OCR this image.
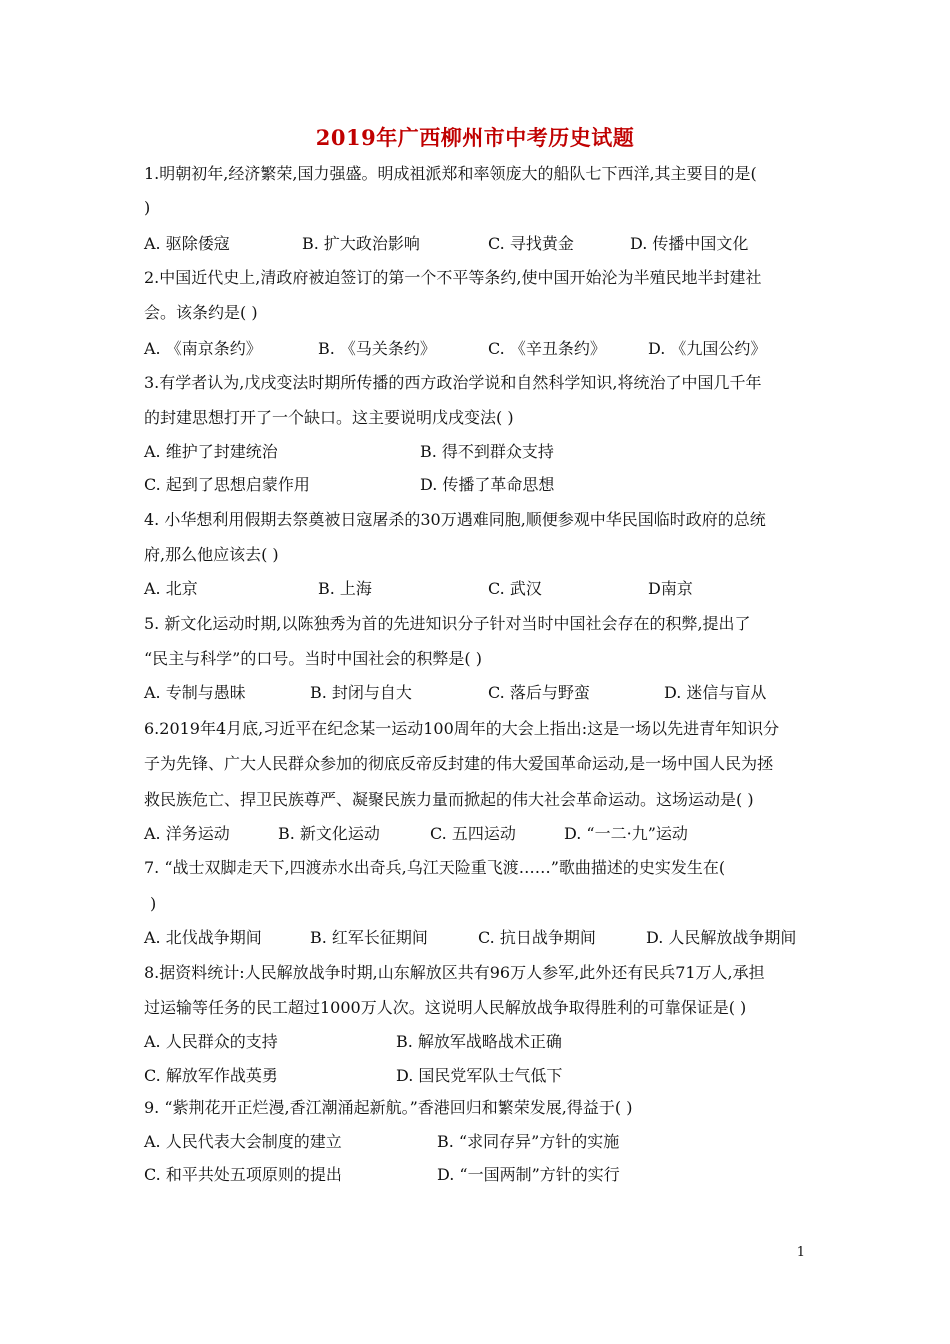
2019年广西柳州市中考历史试题
1.明朝初年,经济繁荣,国力强盛。明成祖派郑和率领庞大的船队七下西洋,其主要目的是(
)
A. 驱除倭寇	B. 扩大政治影响	C. 寻找黄金	D. 传播中国文化
2.中国近代史上,清政府被迫签订的第一个不平等条约,使中国开始沦为半殖民地半封建社
会。该条约是( )
A. 《南京条约》	B. 《马关条约》	C. 《辛丑条约》	D. 《九国公约》
3.有学者认为,戊戌变法时期所传播的西方政治学说和自然科学知识,将统治了中国几千年
的封建思想打开了一个缺口。这主要说明戊戌变法( )
A. 维护了封建统治	B. 得不到群众支持
C. 起到了思想启蒙作用	D. 传播了革命思想
4. 小华想利用假期去祭奠被日寇屠杀的30万遇难同胞,顺便参观中华民国临时政府的总统
府,那么他应该去( )
A. 北京	B. 上海	C. 武汉	D南京
5. 新文化运动时期,以陈独秀为首的先进知识分子针对当时中国社会存在的积弊,提出了
“民主与科学”的口号。当时中国社会的积弊是( )
A. 专制与愚昧	B. 封闭与自大	C. 落后与野蛮	D. 迷信与盲从
6.2019年4月底,习近平在纪念某一运动100周年的大会上指出:这是一场以先进青年知识分
子为先锋、广大人民群众参加的彻底反帝反封建的伟大爱国革命运动,是一场中国人民为拯
救民族危亡、捍卫民族尊严、凝聚民族力量而掀起的伟大社会革命运动。这场运动是( )
A. 洋务运动	B. 新文化运动	C. 五四运动	D. “一二·九”运动
7. “战士双脚走天下,四渡赤水出奇兵,乌江天险重飞渡……”歌曲描述的史实发生在(
)
A. 北伐战争期间	B. 红军长征期间	C. 抗日战争期间	D. 人民解放战争期间
8.据资料统计:人民解放战争时期,山东解放区共有96万人参军,此外还有民兵71万人,承担
过运输等任务的民工超过1000万人次。这说明人民解放战争取得胜利的可靠保证是( )
A. 人民群众的支持	B. 解放军战略战术正确
C. 解放军作战英勇	D. 国民党军队士气低下
9. “紫荆花开正烂漫,香江潮涌起新航。”香港回归和繁荣发展,得益于( )
A. 人民代表大会制度的建立	B. “求同存异”方针的实施
C. 和平共处五项原则的提出	D. “一国两制”方针的实行
1
